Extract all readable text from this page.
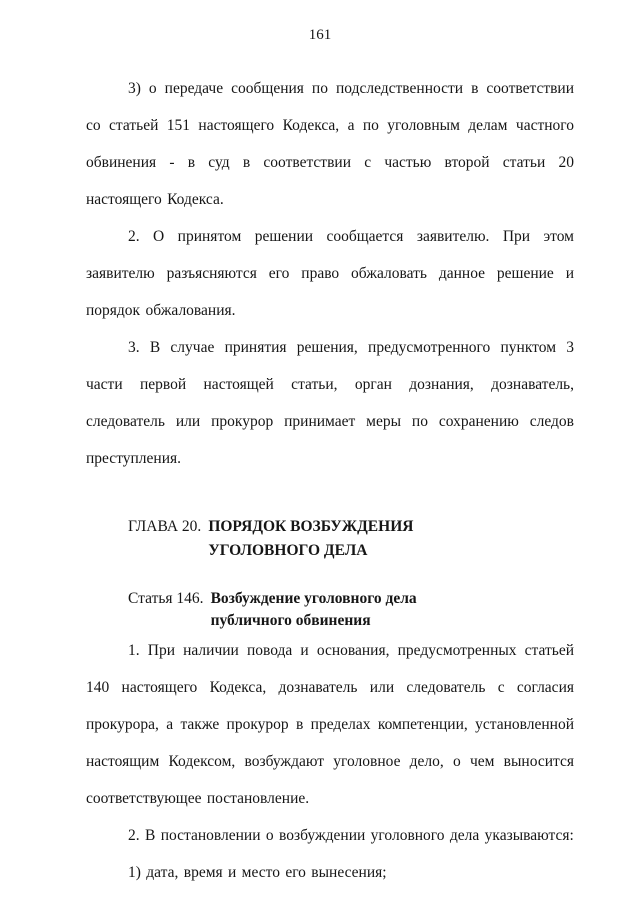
161

3) о передаче сообщения по подследственности в соответствии со статьей 151 настоящего Кодекса, а по уголовным делам частного обвинения - в суд в соответствии с частью второй статьи 20 настоящего Кодекса.

2. О принятом решении сообщается заявителю. При этом заявителю разъясняются его право обжаловать данное решение и порядок обжалования.

3. В случае принятия решения, предусмотренного пунктом 3 части первой настоящей статьи, орган дознания, дознаватель, следователь или прокурор принимает меры по сохранению следов преступления.

ГЛАВА 20. ПОРЯДОК ВОЗБУЖДЕНИЯ УГОЛОВНОГО ДЕЛА
Статья 146. Возбуждение уголовного дела публичного обвинения

1. При наличии повода и основания, предусмотренных статьей 140 настоящего Кодекса, дознаватель или следователь с согласия прокурора, а также прокурор в пределах компетенции, установленной настоящим Кодексом, возбуждают уголовное дело, о чем выносится соответствующее постановление.

2. В постановлении о возбуждении уголовного дела указываются:

1) дата, время и место его вынесения;
